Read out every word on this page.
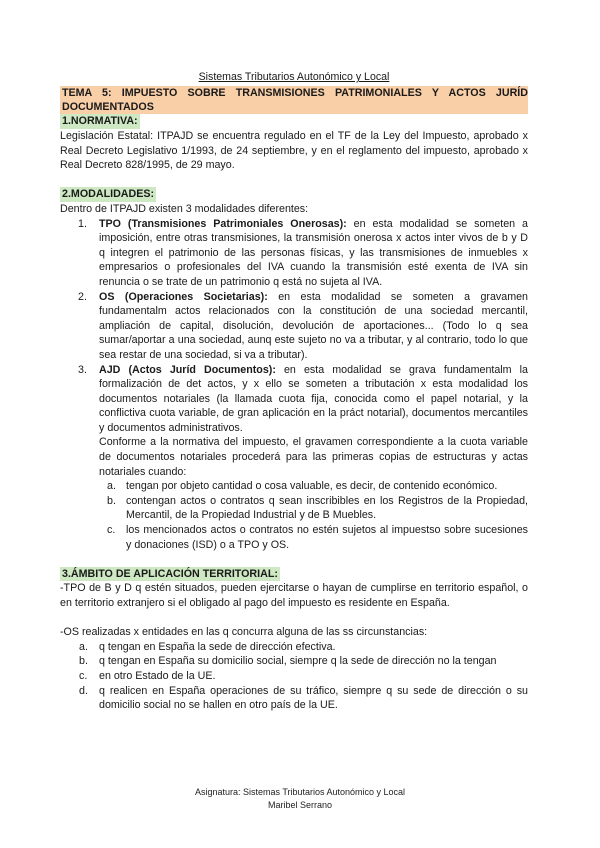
Sistemas Tributarios Autonómico y Local
TEMA 5: IMPUESTO SOBRE TRANSMISIONES PATRIMONIALES Y ACTOS JURÍD DOCUMENTADOS
1.NORMATIVA:

Legislación Estatal: ITPAJD se encuentra regulado en el TF de la Ley del Impuesto, aprobado x Real Decreto Legislativo 1/1993, de 24 septiembre, y en el reglamento del impuesto, aprobado x Real Decreto 828/1995, de 29 mayo.

2.MODALIDADES:

Dentro de ITPAJD existen 3 modalidades diferentes:

1. TPO (Transmisiones Patrimoniales Onerosas): en esta modalidad se someten a imposición, entre otras transmisiones, la transmisión onerosa x actos inter vivos de b y D q integren el patrimonio de las personas físicas, y las transmisiones de inmuebles x empresarios o profesionales del IVA cuando la transmisión esté exenta de IVA sin renuncia o se trate de un patrimonio q está no sujeta al IVA.
2. OS (Operaciones Societarias): en esta modalidad se someten a gravamen fundamentalm actos relacionados con la constitución de una sociedad mercantil, ampliación de capital, disolución, devolución de aportaciones... (Todo lo q sea sumar/aportar a una sociedad, aunq este sujeto no va a tributar, y al contrario, todo lo que sea restar de una sociedad, si va a tributar).
3. AJD (Actos Juríd Documentos): en esta modalidad se grava fundamentalm la formalización de det actos, y x ello se someten a tributación x esta modalidad los documentos notariales (la llamada cuota fija, conocida como el papel notarial, y la conflictiva cuota variable, de gran aplicación en la práct notarial), documentos mercantiles y documentos administrativos.
Conforme a la normativa del impuesto, el gravamen correspondiente a la cuota variable de documentos notariales procederá para las primeras copias de estructuras y actas notariales cuando:
a. tengan por objeto cantidad o cosa valuable, es decir, de contenido económico.
b. contengan actos o contratos q sean inscribibles en los Registros de la Propiedad, Mercantil, de la Propiedad Industrial y de B Muebles.
c. los mencionados actos o contratos no estén sujetos al impuestso sobre sucesiones y donaciones (ISD) o a TPO y OS.
3.ÁMBITO DE APLICACIÓN TERRITORIAL:

-TPO de B y D q estén situados, pueden ejercitarse o hayan de cumplirse en territorio español, o en territorio extranjero si el obligado al pago del impuesto es residente en España.

-OS realizadas x entidades en las q concurra alguna de las ss circunstancias:

a. q tengan en España la sede de dirección efectiva.
b. q tengan en España su domicilio social, siempre q la sede de dirección no la tengan
c. en otro Estado de la UE.
d. q realicen en España operaciones de su tráfico, siempre q su sede de dirección o su domicilio social no se hallen en otro país de la UE.
Asignatura: Sistemas Tributarios Autonómico y Local
Maribel Serrano
